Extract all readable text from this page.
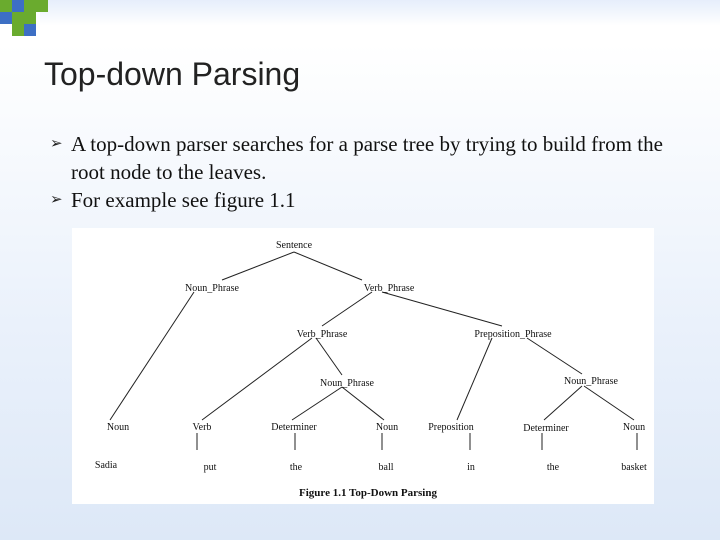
Top-down Parsing
➢ A top-down parser searches for a parse tree by trying to build from the root node to the leaves.
➢ For example see figure 1.1
Sentence
Noun_Phrase	Verb_Phrase
Verb_Phrase	Preposition_Phrase
Noun_Phrase	Noun_Phrase
Noun	Verb	Determiner	Noun	Preposition	Determiner	Noun
Sadia	put	the	ball	in	the	basket
Figure 1.1 Top-Down Parsing
